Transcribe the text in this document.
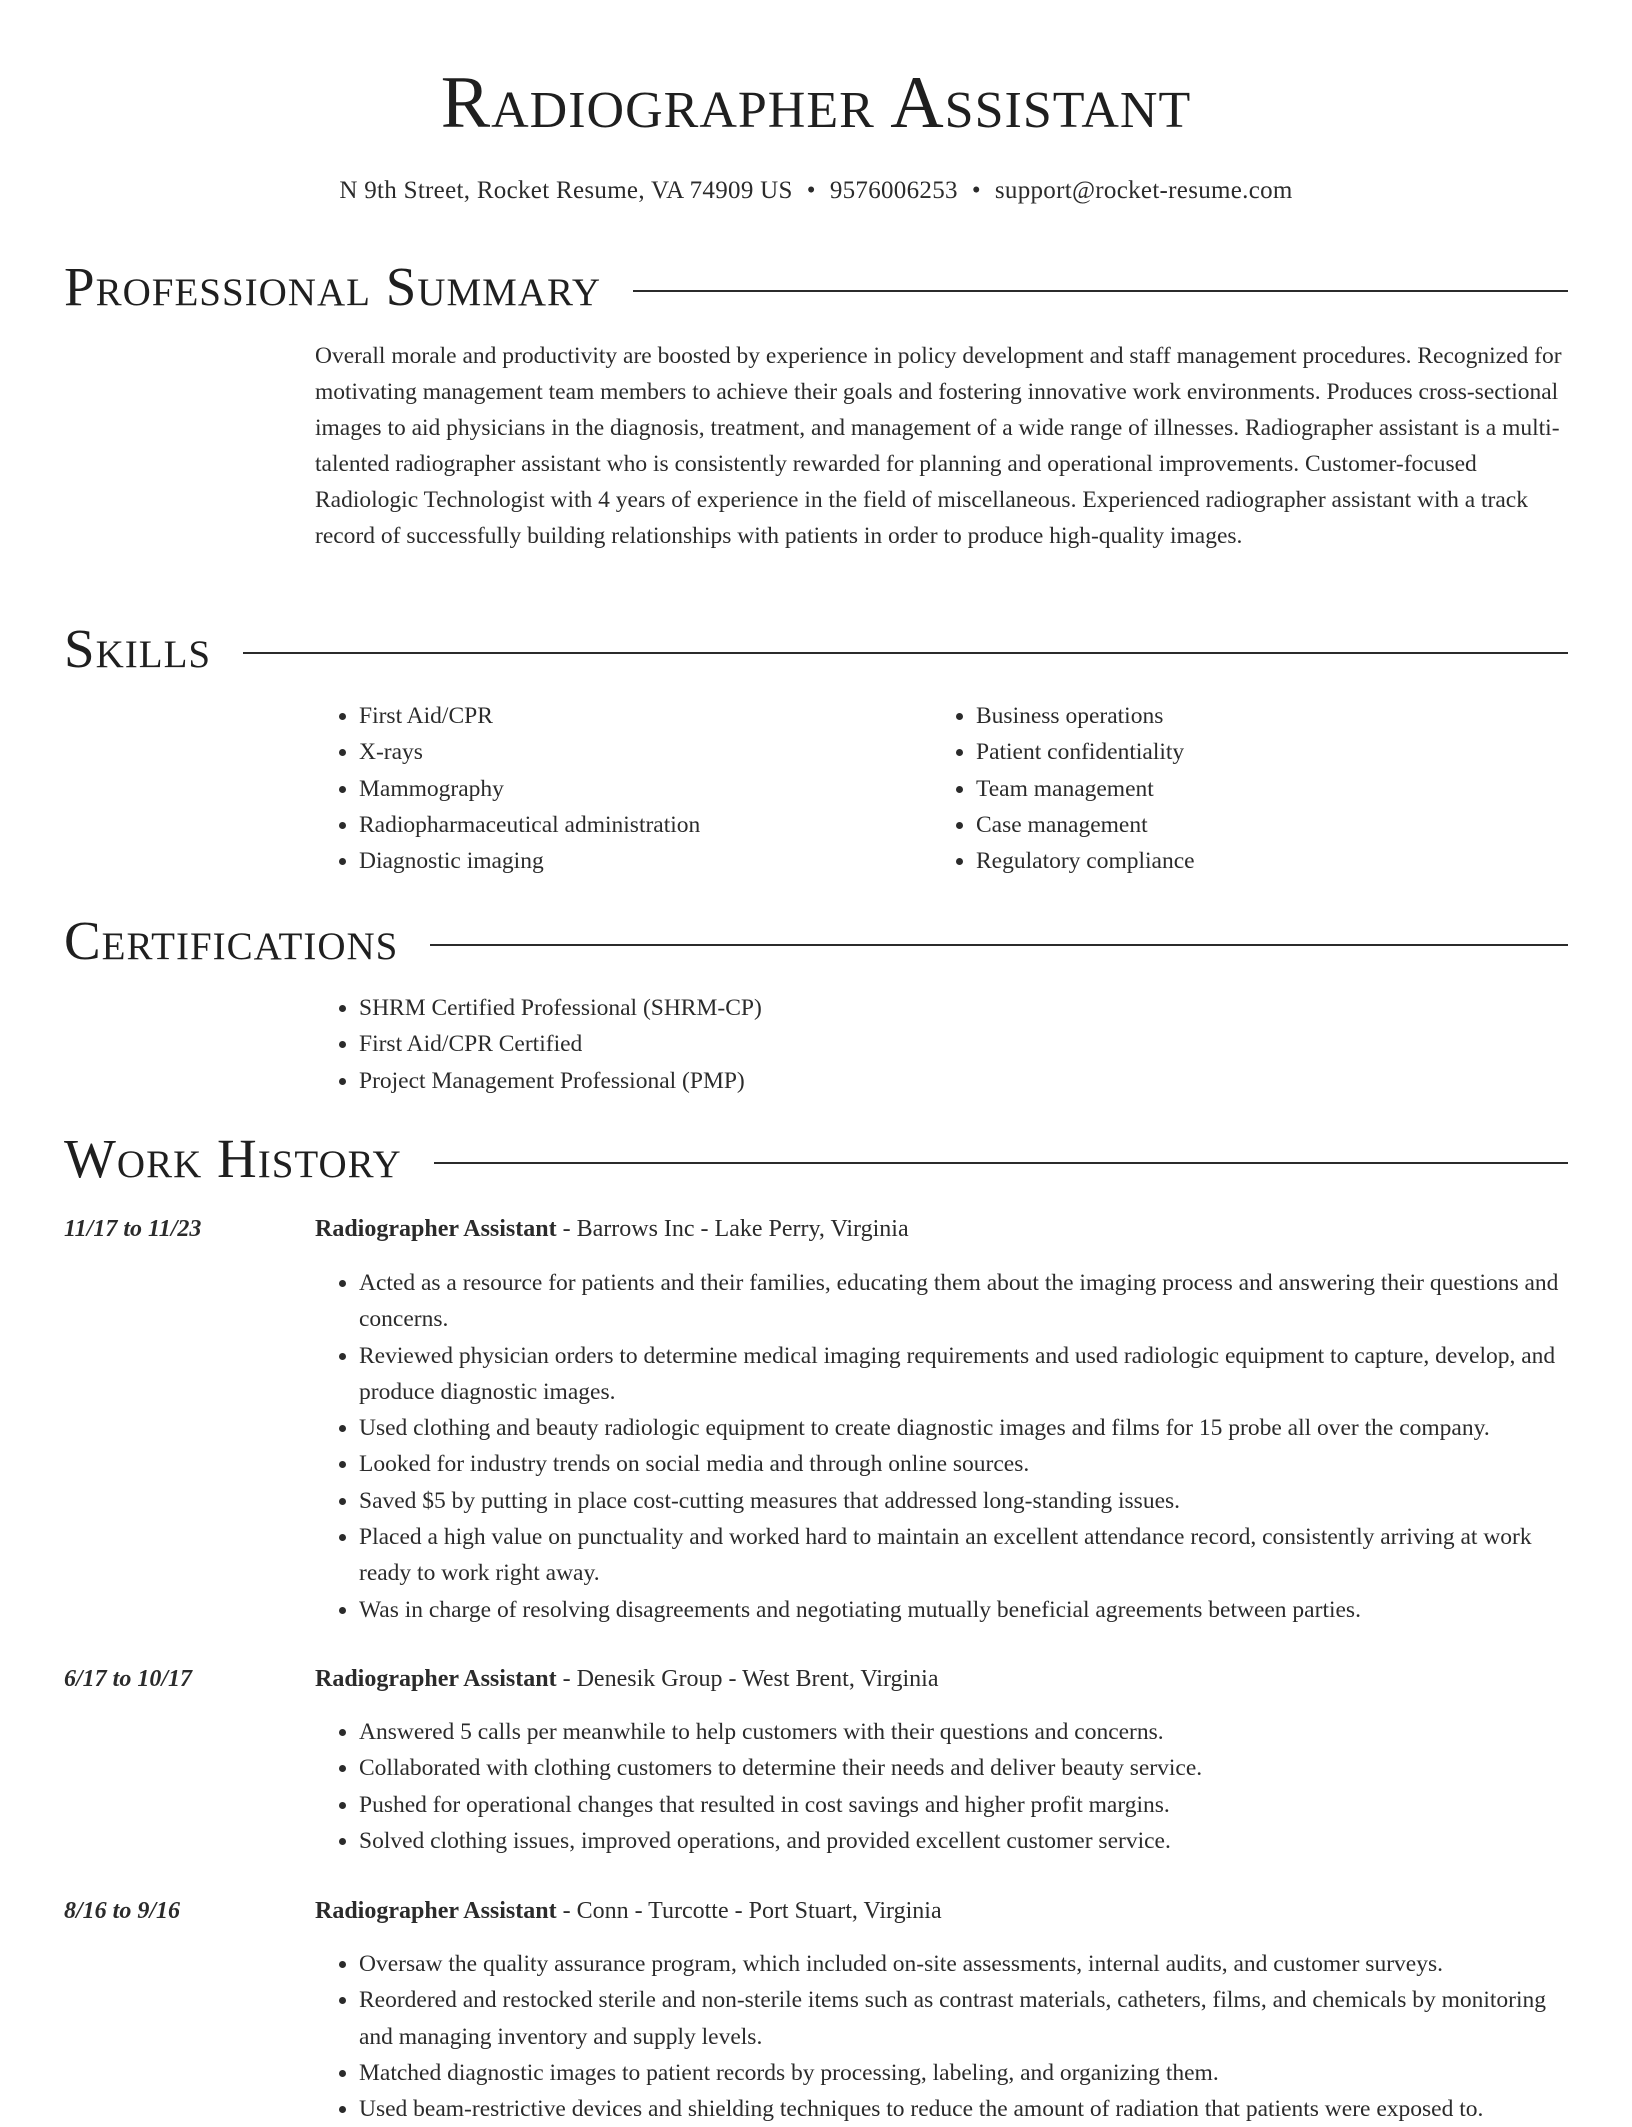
Radiographer Assistant
N 9th Street, Rocket Resume, VA 74909 US • 9576006253 • support@rocket-resume.com
Professional Summary

Overall morale and productivity are boosted by experience in policy development and staff management procedures. Recognized for motivating management team members to achieve their goals and fostering innovative work environments. Produces cross-sectional images to aid physicians in the diagnosis, treatment, and management of a wide range of illnesses. Radiographer assistant is a multi-talented radiographer assistant who is consistently rewarded for planning and operational improvements. Customer-focused Radiologic Technologist with 4 years of experience in the field of miscellaneous. Experienced radiographer assistant with a track record of successfully building relationships with patients in order to produce high-quality images.

Skills
• First Aid/CPR
• X-rays
• Mammography
• Radiopharmaceutical administration
• Diagnostic imaging
• Business operations
• Patient confidentiality
• Team management
• Case management
• Regulatory compliance
Certifications
• SHRM Certified Professional (SHRM-CP)
• First Aid/CPR Certified
• Project Management Professional (PMP)
Work History
11/17 to 11/23	Radiographer Assistant - Barrows Inc - Lake Perry, Virginia
• Acted as a resource for patients and their families, educating them about the imaging process and answering their questions and concerns.
• Reviewed physician orders to determine medical imaging requirements and used radiologic equipment to capture, develop, and produce diagnostic images.
• Used clothing and beauty radiologic equipment to create diagnostic images and films for 15 probe all over the company.
• Looked for industry trends on social media and through online sources.
• Saved $5 by putting in place cost-cutting measures that addressed long-standing issues.
• Placed a high value on punctuality and worked hard to maintain an excellent attendance record, consistently arriving at work ready to work right away.
• Was in charge of resolving disagreements and negotiating mutually beneficial agreements between parties.
6/17 to 10/17	Radiographer Assistant - Denesik Group - West Brent, Virginia
• Answered 5 calls per meanwhile to help customers with their questions and concerns.
• Collaborated with clothing customers to determine their needs and deliver beauty service.
• Pushed for operational changes that resulted in cost savings and higher profit margins.
• Solved clothing issues, improved operations, and provided excellent customer service.
8/16 to 9/16	Radiographer Assistant - Conn - Turcotte - Port Stuart, Virginia
• Oversaw the quality assurance program, which included on-site assessments, internal audits, and customer surveys.
• Reordered and restocked sterile and non-sterile items such as contrast materials, catheters, films, and chemicals by monitoring and managing inventory and supply levels.
• Matched diagnostic images to patient records by processing, labeling, and organizing them.
• Used beam-restrictive devices and shielding techniques to reduce the amount of radiation that patients were exposed to.
